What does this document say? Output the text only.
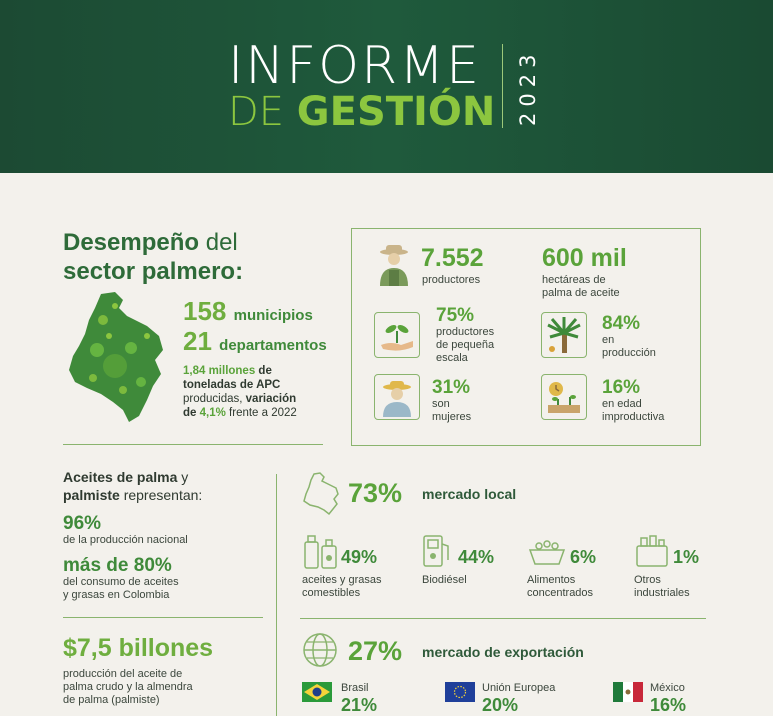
INFORME
DE GESTIÓN 2023
Desempeño del
sector palmero:
158 municipios
21 departamentos
1,84 millones de
toneladas de APC
producidas, variación
de 4,1% frente a 2022
7.552
productores
600 mil
hectáreas de
palma de aceite
75%
productores
de pequeña
escala
84%
en
producción
31%
son
mujeres
16%
en edad
improductiva
Aceites de palma y
palmiste representan:
96%
de la producción nacional
más de 80%
del consumo de aceites
y grasas en Colombia
$7,5 billones
producción del aceite de
palma crudo y la almendra
de palma (palmiste)
73% mercado local
49%
aceites y grasas
comestibles
44%
Biodiésel
6%
Alimentos
concentrados
1%
Otros
industriales
27% mercado de exportación
Brasil
21%
Unión Europea
20%
México
16%
